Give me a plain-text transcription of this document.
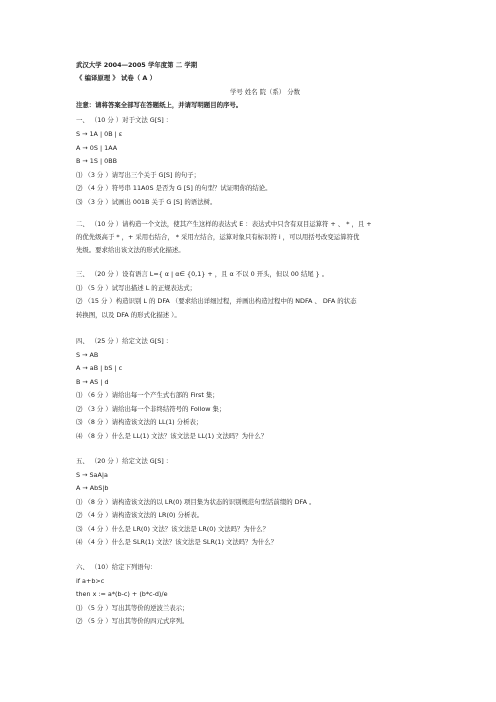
武汉大学 2004—2005 学年度第 二 学期
《 编译原理 》 试卷（ A ）
学号 姓名 院（系） 分数
注意：请将答案全部写在答题纸上，并请写明题目的序号。
一、 （10 分 ）对于文法 G[S] ：
S → 1A | 0B | ε
A → 0S | 1AA
B → 1S | 0BB
⑴ （3 分 ）请写出三个关于 G[S] 的句子；
⑵ （4 分 ）符号串 11A0S 是否为 G [S] 的句型？试证明你的结论。
⑶ （3 分 ）试画出 001B 关于 G [S] 的语法树。
二、 （10 分 ）请构造一个文法，使其产生这样的表达式 E ：表达式中只含有双目运算符 + 、 * ，且 +
的优先级高于 * ，+ 采用右结合， * 采用左结合，运算对象只有标识符 i ，可以用括号改变运算符优
先级。要求给出该文法的形式化描述。
三、 （20 分 ）设有语言 L={ α | α∈ {0,1} + ，且 α 不以 0 开头，但以 00 结尾 } 。
⑴ （5 分 ）试写出描述 L 的正规表达式；
⑵ （15 分 ）构造识别 L 的 DFA （要求给出详细过程，并画出构造过程中的 NDFA 、 DFA 的状态
转换图，以及 DFA 的形式化描述 ）。
四、 （25 分 ）给定文法 G[S] ：
S → AB
A → aB | bS | c
B → AS | d
⑴ （6 分 ）请给出每一个产生式右部的 First 集；
⑵ （3 分 ）请给出每一个非终结符号的 Follow 集；
⑶ （8 分 ）请构造该文法的 LL(1) 分析表；
⑷ （8 分 ）什么是 LL(1) 文法？该文法是 LL(1) 文法吗？为什么？
五、 （20 分 ）给定文法 G[S] ：
S → SaA|a
A → AbS|b
⑴ （8 分 ）请构造该文法的以 LR(0) 项目集为状态的识别规范句型活前缀的 DFA 。
⑵ （4 分 ）请构造该文法的 LR(0) 分析表。
⑶ （4 分 ）什么是 LR(0) 文法？该文法是 LR(0) 文法吗？为什么？
⑷ （4 分 ）什么是 SLR(1) 文法？该文法是 SLR(1) 文法吗？为什么？
六、 （10）给定下列语句：
if a+b>c
then x := a*(b-c) + (b*c-d)/e
⑴ （5 分 ）写出其等价的逆波兰表示；
⑵ （5 分 ）写出其等价的四元式序列。
